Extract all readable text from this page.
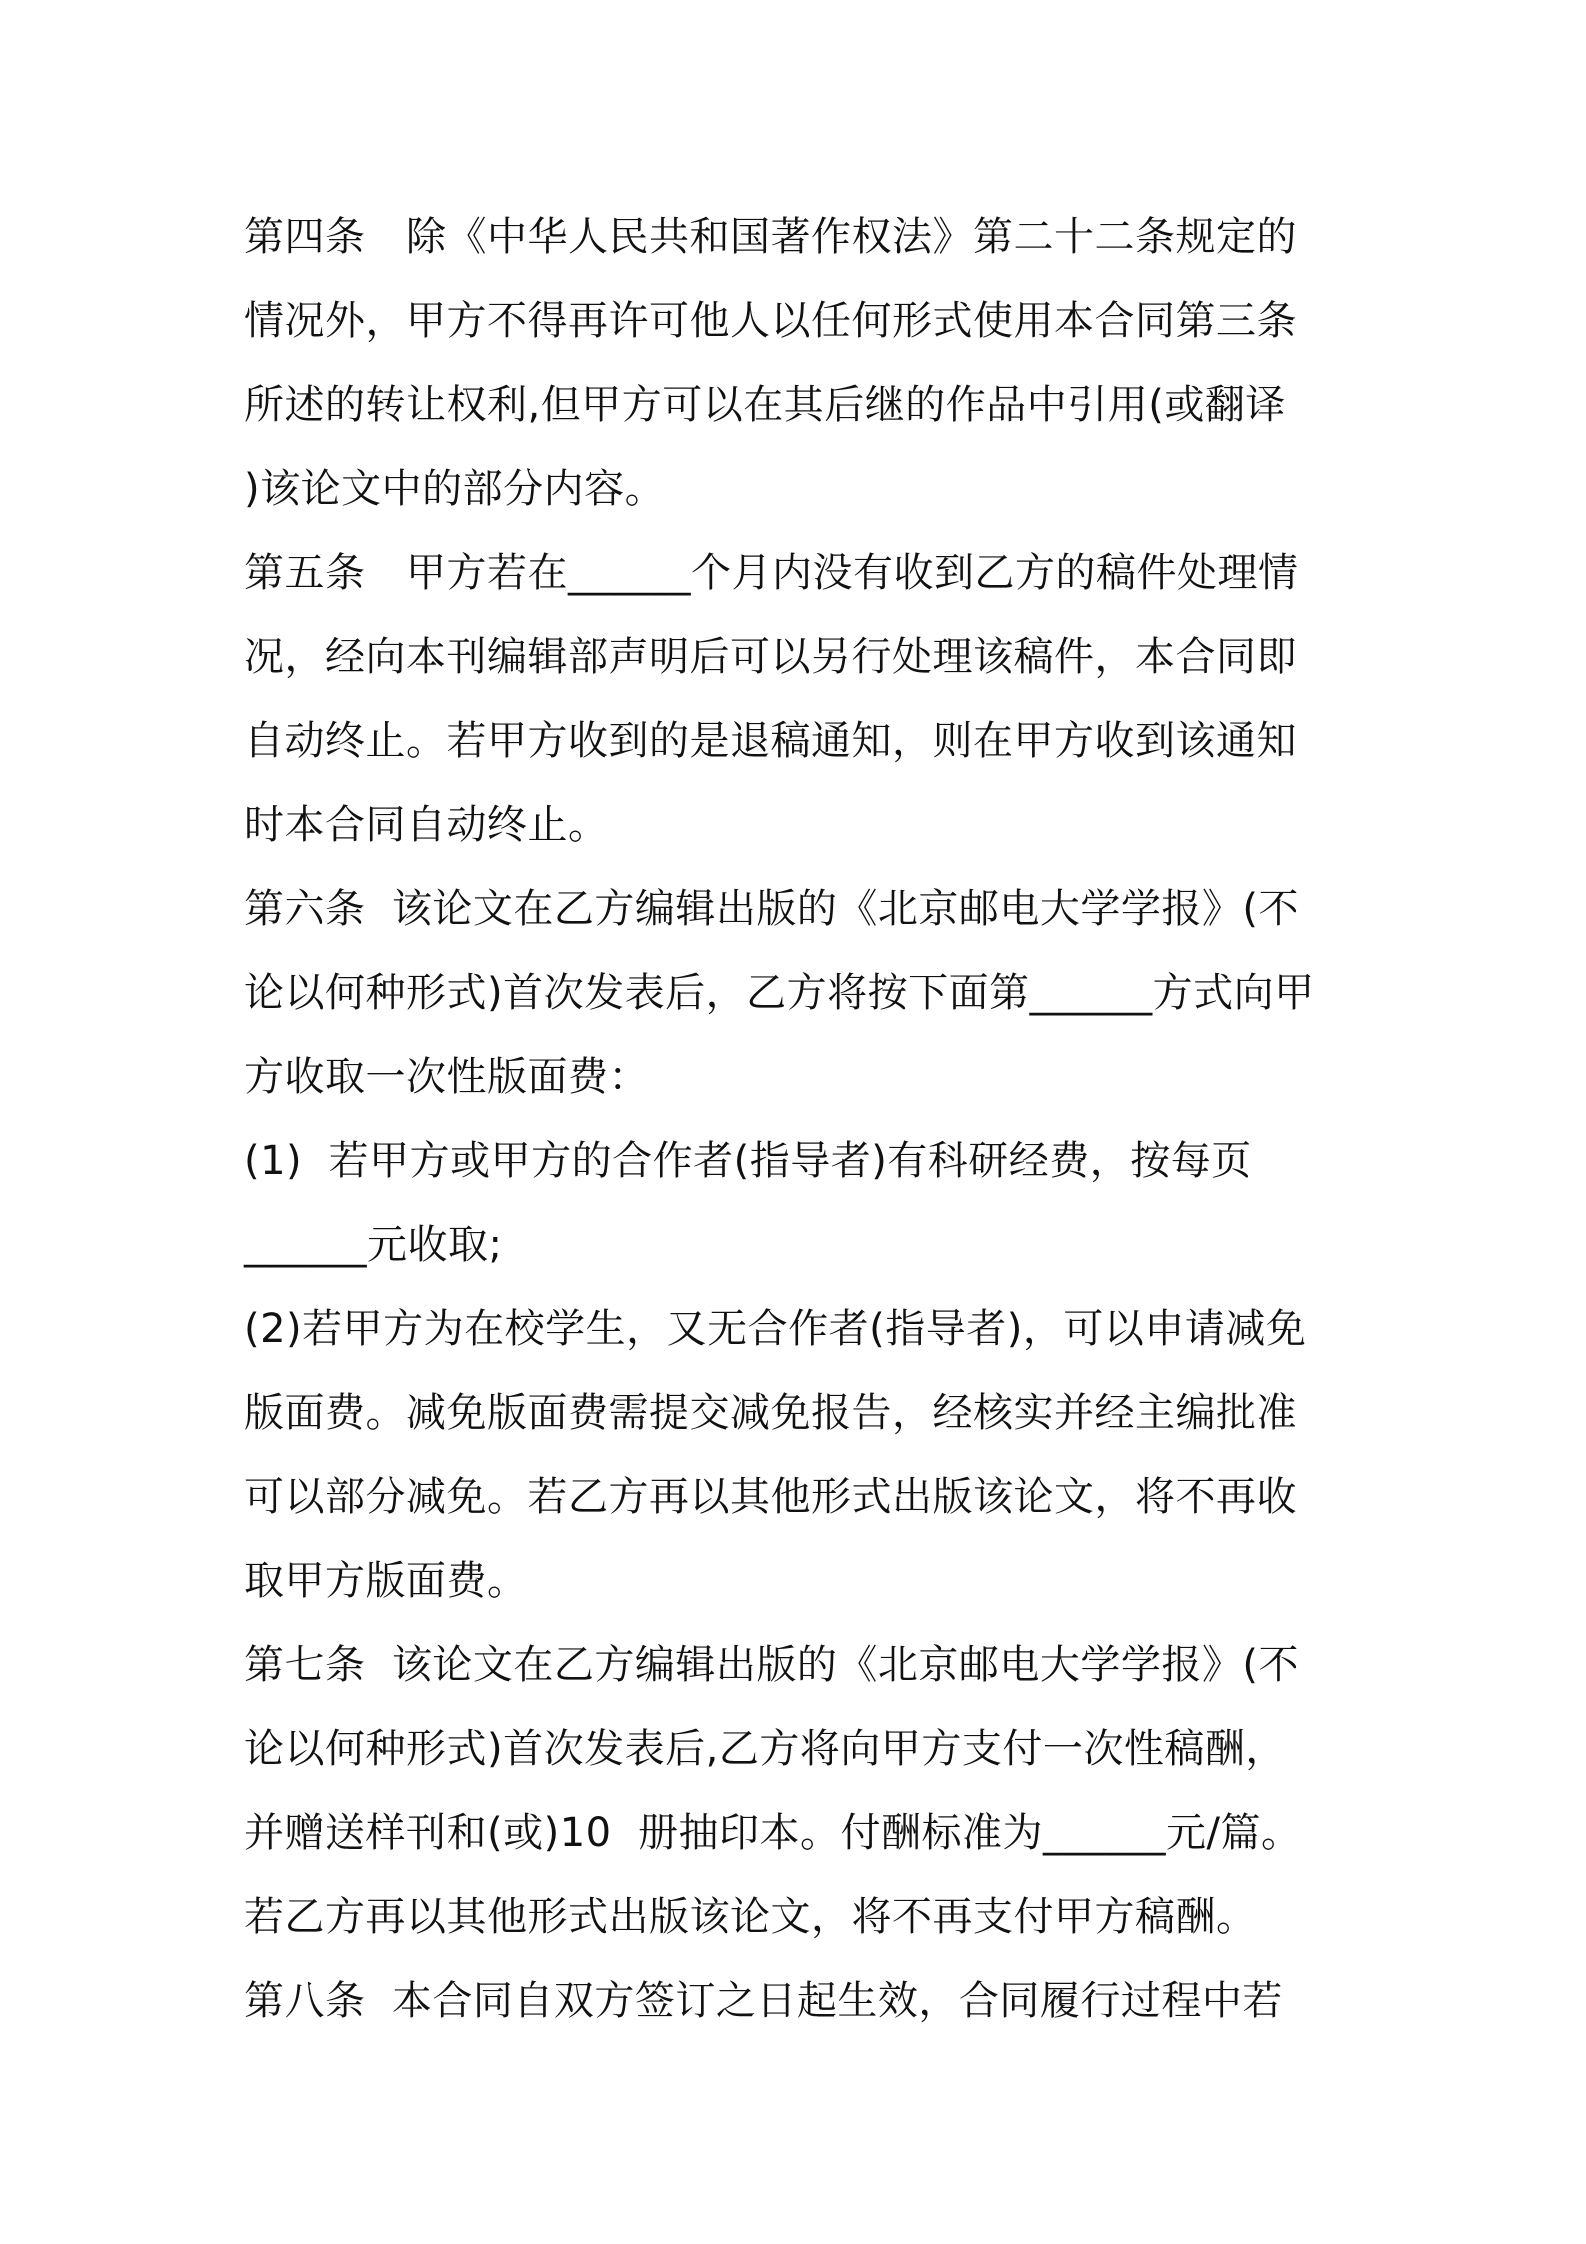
第四条　除《中华人民共和国著作权法》第二十二条规定的
情况外，甲方不得再许可他人以任何形式使用本合同第三条
所述的转让权利,但甲方可以在其后继的作品中引用(或翻译
)该论文中的部分内容。
第五条　甲方若在______个月内没有收到乙方的稿件处理情
况，经向本刊编辑部声明后可以另行处理该稿件，本合同即
自动终止。若甲方收到的是退稿通知，则在甲方收到该通知
时本合同自动终止。
第六条  该论文在乙方编辑出版的《北京邮电大学学报》(不
论以何种形式)首次发表后，乙方将按下面第______方式向甲
方收取一次性版面费：
(1)  若甲方或甲方的合作者(指导者)有科研经费，按每页
______元收取;
(2)若甲方为在校学生，又无合作者(指导者)，可以申请减免
版面费。减免版面费需提交减免报告，经核实并经主编批准
可以部分减免。若乙方再以其他形式出版该论文，将不再收
取甲方版面费。
第七条  该论文在乙方编辑出版的《北京邮电大学学报》(不
论以何种形式)首次发表后,乙方将向甲方支付一次性稿酬，
并赠送样刊和(或)10  册抽印本。付酬标准为______元/篇。
若乙方再以其他形式出版该论文，将不再支付甲方稿酬。
第八条  本合同自双方签订之日起生效，合同履行过程中若
